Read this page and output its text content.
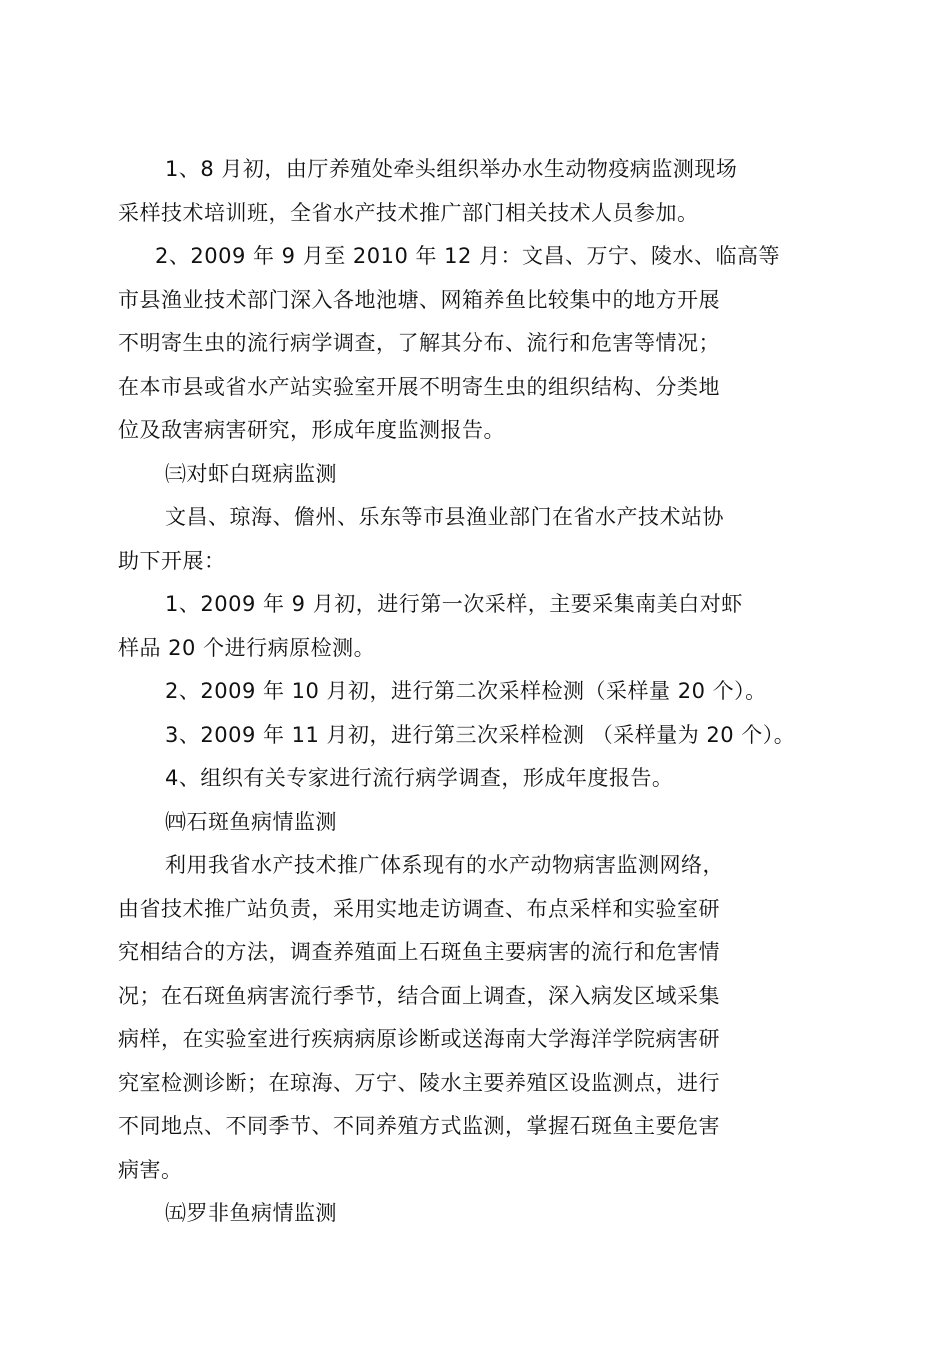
1、8 月初，由厅养殖处牵头组织举办水生动物疫病监测现场
采样技术培训班，全省水产技术推广部门相关技术人员参加。
2、2009 年 9 月至 2010 年 12 月：文昌、万宁、陵水、临高等
市县渔业技术部门深入各地池塘、网箱养鱼比较集中的地方开展
不明寄生虫的流行病学调查，了解其分布、流行和危害等情况；
在本市县或省水产站实验室开展不明寄生虫的组织结构、分类地
位及敌害病害研究，形成年度监测报告。
㈢对虾白斑病监测
文昌、琼海、儋州、乐东等市县渔业部门在省水产技术站协
助下开展：
1、2009 年 9 月初，进行第一次采样，主要采集南美白对虾
样品 20 个进行病原检测。
2、2009 年 10 月初，进行第二次采样检测（采样量 20 个）。
3、2009 年 11 月初，进行第三次采样检测 （采样量为 20 个）。
4、组织有关专家进行流行病学调查，形成年度报告。
㈣石斑鱼病情监测
利用我省水产技术推广体系现有的水产动物病害监测网络，
由省技术推广站负责，采用实地走访调查、布点采样和实验室研
究相结合的方法，调查养殖面上石斑鱼主要病害的流行和危害情
况；在石斑鱼病害流行季节，结合面上调查，深入病发区域采集
病样，在实验室进行疾病病原诊断或送海南大学海洋学院病害研
究室检测诊断；在琼海、万宁、陵水主要养殖区设监测点，进行
不同地点、不同季节、不同养殖方式监测，掌握石斑鱼主要危害
病害。
㈤罗非鱼病情监测
